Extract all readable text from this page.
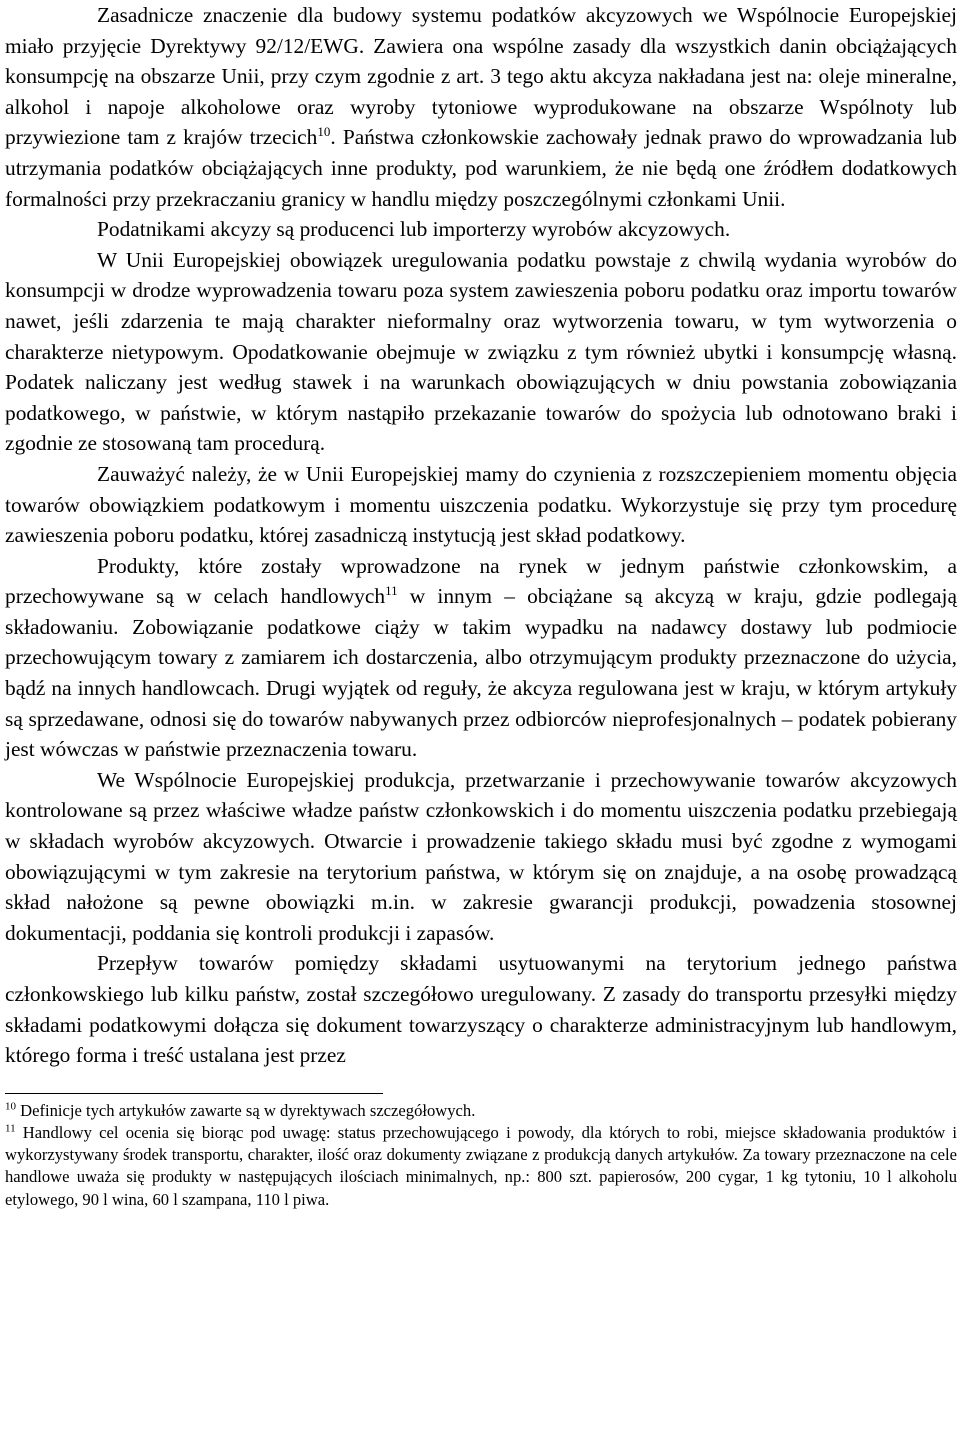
Zasadnicze znaczenie dla budowy systemu podatków akcyzowych we Wspólnocie Europejskiej miało przyjęcie Dyrektywy 92/12/EWG. Zawiera ona wspólne zasady dla wszystkich danin obciążających konsumpcję na obszarze Unii, przy czym zgodnie z art. 3 tego aktu akcyza nakładana jest na: oleje mineralne, alkohol i napoje alkoholowe oraz wyroby tytoniowe wyprodukowane na obszarze Wspólnoty lub przywiezione tam z krajów trzecich$^{10}$. Państwa członkowskie zachowały jednak prawo do wprowadzania lub utrzymania podatków obciążających inne produkty, pod warunkiem, że nie będą one źródłem dodatkowych formalności przy przekraczaniu granicy w handlu między poszczególnymi członkami Unii.

Podatnikami akcyzy są producenci lub importerzy wyrobów akcyzowych.

W Unii Europejskiej obowiązek uregulowania podatku powstaje z chwilą wydania wyrobów do konsumpcji w drodze wyprowadzenia towaru poza system zawieszenia poboru podatku oraz importu towarów nawet, jeśli zdarzenia te mają charakter nieformalny oraz wytworzenia towaru, w tym wytworzenia o charakterze nietypowym. Opodatkowanie obejmuje w związku z tym również ubytki i konsumpcję własną. Podatek naliczany jest według stawek i na warunkach obowiązujących w dniu powstania zobowiązania podatkowego, w państwie, w którym nastąpiło przekazanie towarów do spożycia lub odnotowano braki i zgodnie ze stosowaną tam procedurą.

Zauważyć należy, że w Unii Europejskiej mamy do czynienia z rozszczepieniem momentu objęcia towarów obowiązkiem podatkowym i momentu uiszczenia podatku. Wykorzystuje się przy tym procedurę zawieszenia poboru podatku, której zasadniczą instytucją jest skład podatkowy.

Produkty, które zostały wprowadzone na rynek w jednym państwie członkowskim, a przechowywane są w celach handlowych$^{11}$ w innym – obciążane są akcyzą w kraju, gdzie podlegają składowaniu. Zobowiązanie podatkowe ciąży w takim wypadku na nadawcy dostawy lub podmiocie przechowującym towary z zamiarem ich dostarczenia, albo otrzymującym produkty przeznaczone do użycia, bądź na innych handlowcach. Drugi wyjątek od reguły, że akcyza regulowana jest w kraju, w którym artykuły są sprzedawane, odnosi się do towarów nabywanych przez odbiorców nieprofesjonalnych – podatek pobierany jest wówczas w państwie przeznaczenia towaru.

We Wspólnocie Europejskiej produkcja, przetwarzanie i przechowywanie towarów akcyzowych kontrolowane są przez właściwe władze państw członkowskich i do momentu uiszczenia podatku przebiegają w składach wyrobów akcyzowych. Otwarcie i prowadzenie takiego składu musi być zgodne z wymogami obowiązującymi w tym zakresie na terytorium państwa, w którym się on znajduje, a na osobę prowadzącą skład nałożone są pewne obowiązki m.in. w zakresie gwarancji produkcji, powadzenia stosownej dokumentacji, poddania się kontroli produkcji i zapasów.

Przepływ towarów pomiędzy składami usytuowanymi na terytorium jednego państwa członkowskiego lub kilku państw, został szczegółowo uregulowany. Z zasady do transportu przesyłki między składami podatkowymi dołącza się dokument towarzyszący o charakterze administracyjnym lub handlowym, którego forma i treść ustalana jest przez

$^{10}$ Definicje tych artykułów zawarte są w dyrektywach szczegółowych.

$^{11}$ Handlowy cel ocenia się biorąc pod uwagę: status przechowującego i powody, dla których to robi, miejsce składowania produktów i wykorzystywany środek transportu, charakter, ilość oraz dokumenty związane z produkcją danych artykułów. Za towary przeznaczone na cele handlowe uważa się produkty w następujących ilościach minimalnych, np.: 800 szt. papierosów, 200 cygar, 1 kg tytoniu, 10 l alkoholu etylowego, 90 l wina, 60 l szampana, 110 l piwa.
